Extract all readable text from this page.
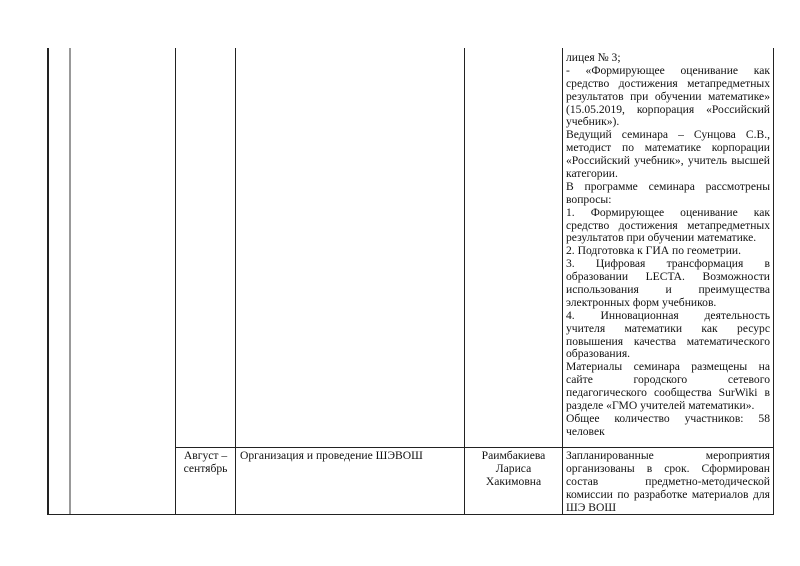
лицея № 3;
- «Формирующее оценивание как
средство достижения метапредметных
результатов при обучении математике»
(15.05.2019, корпорация «Российский
учебник»).
Ведущий семинара – Сунцова С.В.,
методист по математике корпорации
«Российский учебник», учитель высшей
категории.
В программе семинара рассмотрены
вопросы:
1. Формирующее оценивание как
средство достижения метапредметных
результатов при обучении математике.
2. Подготовка к ГИА по геометрии.
3. Цифровая трансформация в
образовании LECTA. Возможности
использования и преимущества
электронных форм учебников.
4. Инновационная деятельность
учителя математики как ресурс
повышения качества математического
образования.
Материалы семинара размещены на
сайте городского сетевого
педагогического сообщества SurWiki в
разделе «ГМО учителей математики».
Общее количество участников: 58
человек
Август –
сентябрь
Организация и проведение ШЭВОШ	Раимбакиева
Лариса
Хакимовна
Запланированные мероприятия
организованы в срок. Сформирован
состав предметно-методической
комиссии по разработке материалов для
ШЭ ВОШ
